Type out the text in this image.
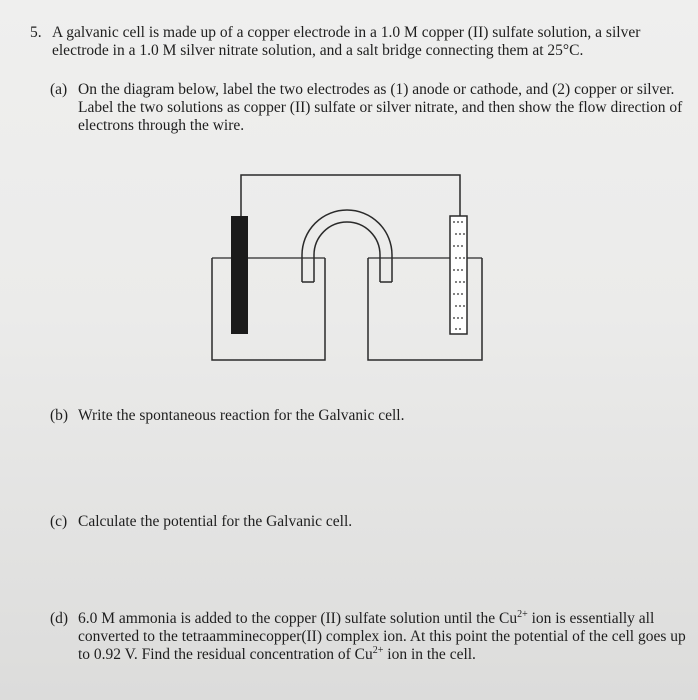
5. A galvanic cell is made up of a copper electrode in a 1.0 M copper (II) sulfate solution, a silver electrode in a 1.0 M silver nitrate solution, and a salt bridge connecting them at 25°C.
(a) On the diagram below, label the two electrodes as (1) anode or cathode, and (2) copper or silver. Label the two solutions as copper (II) sulfate or silver nitrate, and then show the flow direction of electrons through the wire.
(b) Write the spontaneous reaction for the Galvanic cell.
(c) Calculate the potential for the Galvanic cell.
(d) 6.0 M ammonia is added to the copper (II) sulfate solution until the $Cu^{2+}$ ion is essentially all converted to the tetraamminecopper(II) complex ion. At this point the potential of the cell goes up to 0.92 V. Find the residual concentration of $Cu^{2+}$ ion in the cell.
